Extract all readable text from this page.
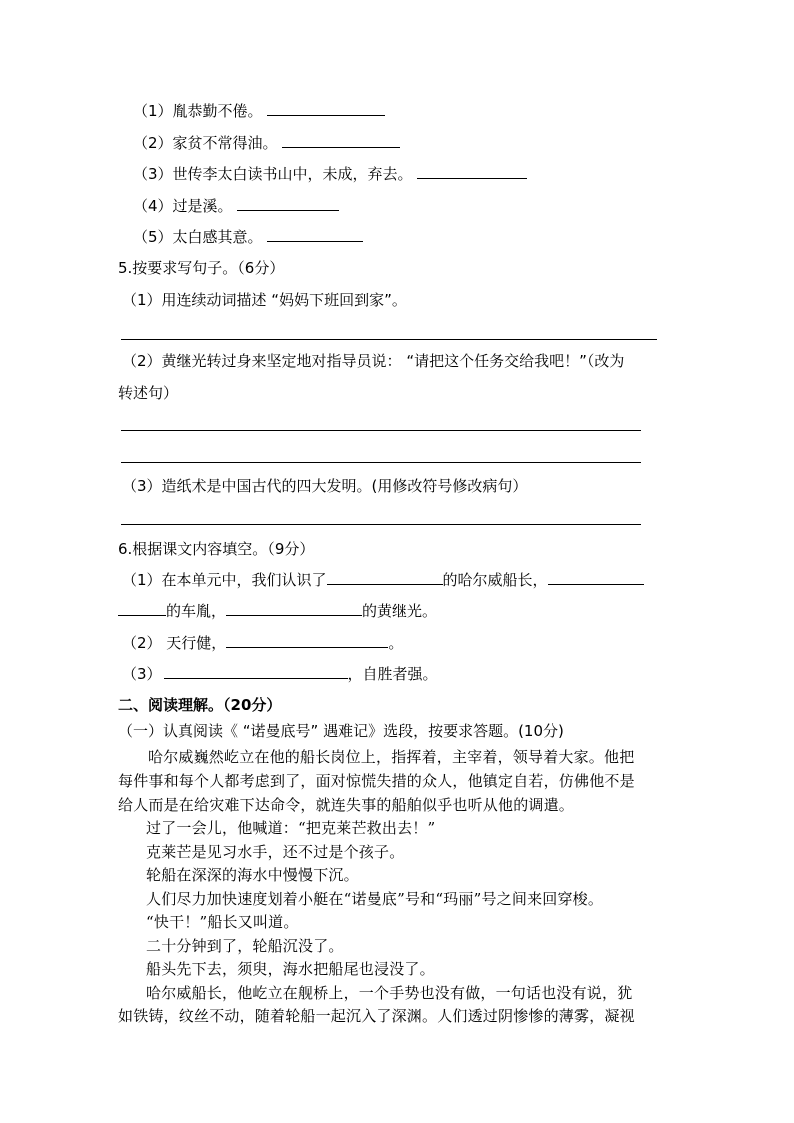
（1）胤恭勤不倦。
（2）家贫不常得油。
（3）世传李太白读书山中，未成，弃去。
（4）过是溪。
（5）太白感其意。
5.按要求写句子。（6分）
（1）用连续动词描述 “妈妈下班回到家”。
（2）黄继光转过身来坚定地对指导员说： “请把这个任务交给我吧！”（改为
转述句）
（3）造纸术是中国古代的四大发明。(用修改符号修改病句）
6.根据课文内容填空。（9分）
（1）在本单元中，我们认识了	的哈尔威船长，
的车胤，	的黄继光。
（2） 天行健，	。
（3）	，自胜者强。
二、阅读理解。（20分）
（一）认真阅读《 “诺曼底号” 遇难记》选段，按要求答题。(10分)
哈尔威巍然屹立在他的船长岗位上，指挥着，主宰着，领导着大家。他把
每件事和每个人都考虑到了，面对惊慌失措的众人，他镇定自若，仿佛他不是
给人而是在给灾难下达命令，就连失事的船舶似乎也听从他的调遣。
过了一会儿，他喊道：“把克莱芒救出去！”
克莱芒是见习水手，还不过是个孩子。
轮船在深深的海水中慢慢下沉。
人们尽力加快速度划着小艇在“诺曼底”号和“玛丽”号之间来回穿梭。
“快干！”船长又叫道。
二十分钟到了，轮船沉没了。
船头先下去，须臾，海水把船尾也浸没了。
哈尔威船长，他屹立在舰桥上，一个手势也没有做，一句话也没有说，犹
如铁铸，纹丝不动，随着轮船一起沉入了深渊。人们透过阴惨惨的薄雾，凝视
